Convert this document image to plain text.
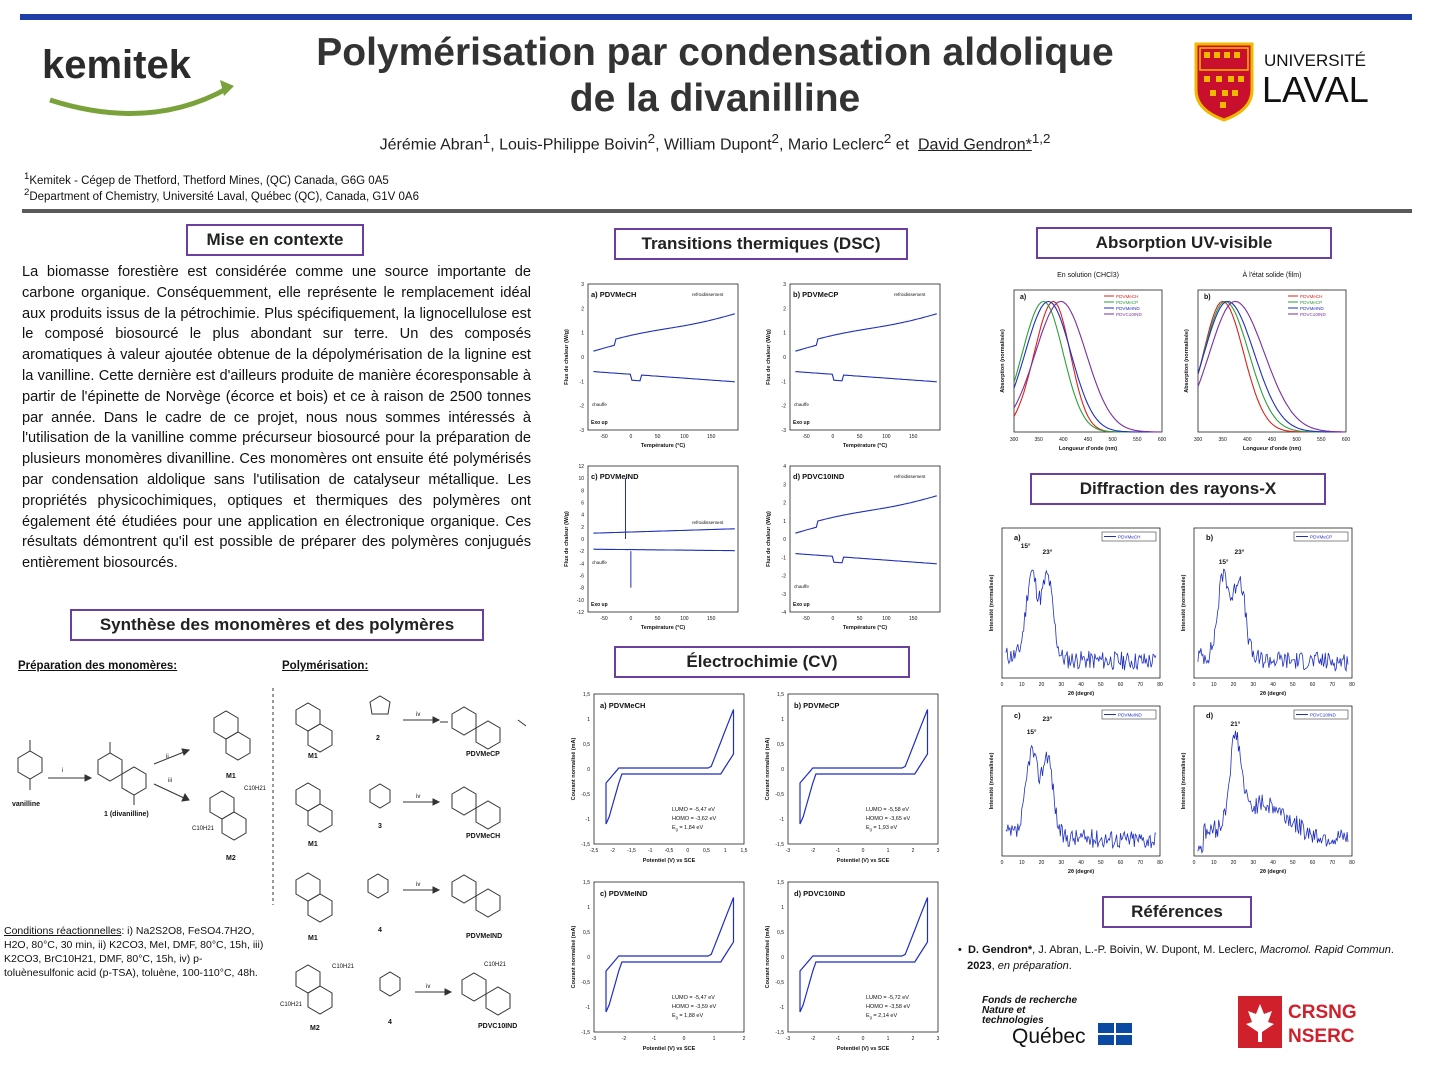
kemitek	Polymérisation par condensation aldolique
de la divanilline
UNIVERSITÉ
LAVAL
Jérémie Abran$^1$, Louis-Philippe Boivin$^2$, William Dupont$^2$, Mario Leclerc$^2$ et David Gendron*$^{1,2}$
$^1$Kemitek - Cégep de Thetford, Thetford Mines, (QC) Canada, G6G 0A5
$^2$Department of Chemistry, Université Laval, Québec (QC), Canada, G1V 0A6
Mise en contexte	Transitions thermiques (DSC)	Absorption UV-visible
Synthèse des monomères et des polymères
Diffraction des rayons-X
Électrochimie (CV)
Références
La biomasse forestière est considérée comme une source importante de carbone organique. Conséquemment, elle représente le remplacement idéal aux produits issus de la pétrochimie. Plus spécifiquement, la lignocellulose est le composé biosourcé le plus abondant sur terre. Un des composés aromatiques à valeur ajoutée obtenue de la dépolymérisation de la lignine est la vanilline. Cette dernière est d'ailleurs produite de manière écoresponsable à partir de l'épinette de Norvège (écorce et bois) et ce à raison de 2500 tonnes par année. Dans le cadre de ce projet, nous nous sommes intéressés à l'utilisation de la vanilline comme précurseur biosourcé pour la préparation de plusieurs monomères divanilline. Ces monomères ont ensuite été polymérisés par condensation aldolique sans l'utilisation de catalyseur métallique. Les propriétés physicochimiques, optiques et thermiques des polymères ont également été étudiées pour une application en électronique organique. Ces résultats démontrent qu'il est possible de préparer des polymères conjugués entièrement biosourcés.
Préparation des monomères:	Polymérisation:
vanilline
1 (divanilline)
M1
M2
M1
M1
M1
M2
2
3
4
4
PDVMeCP
PDVMeCH
PDVMeIND
PDVC10IND
i
ii
iii
iv
iv
iv
iv
C10H21
C10H21
C10H21
C10H21
C10H21
Conditions réactionnelles: i) Na2S2O8, FeSO4.7H2O, H2O, 80°C, 30 min, ii) K2CO3, MeI, DMF, 80°C, 15h, iii) K2CO3, BrC10H21, DMF, 80°C, 15h, iv) p-toluènesulfonic acid (p-TSA), toluène, 100-110°C, 48h.
-3
-2
-1
0
1
2
3
-50	0	50	100	150
Température (°C)
Flux de chaleur (W/g)
a) PDVMeCH
Exo up
refroidissement
chauffe
-3
-2
-1
0
1
2
3
-50	0	50	100	150
Température (°C)
Flux de chaleur (W/g)
b) PDVMeCP
Exo up
refroidissement
chauffe
-12
-10
-8
-6
-4
-2
0
2
4
6
8
10
12
-50	0	50	100	150
Température (°C)
Flux de chaleur (W/g)
c) PDVMeIND
Exo up
refroidissement
chauffe
-4
-3
-2
-1
0
1
2
3
4
-50	0	50	100	150
Température (°C)
Flux de chaleur (W/g)
d) PDVC10IND
Exo up
refroidissement
chauffe
-1,5
-1
-0,5
0
0,5
1
1,5
-2,5 -2 -1,5 -1 -0,5	0	0,5	1	1,5
Potentiel (V) vs SCE
Courant normalisé (mA)
a) PDVMeCH
LUMO = -5,47 eV
HOMO = -3,62 eV
$E_g = 1,84$ eV
-1,5
-1
-0,5
0
0,5
1
1,5
-3	-2	-1	0	1	2	3
Potentiel (V) vs SCE
Courant normalisé (mA)
b) PDVMeCP
LUMO = -5,58 eV
HOMO = -3,65 eV
$E_g = 1,93$ eV
-1,5
-1
-0,5
0
0,5
1
1,5
-3	-2	-1	0	1	2
Potentiel (V) vs SCE
Courant normalisé (mA)
c) PDVMeIND
LUMO = -5,47 eV
HOMO = -3,59 eV
$E_g = 1,88$ eV
-1,5
-1
-0,5
0
0,5
1
1,5
-3	-2	-1	0	1	2	3
Potentiel (V) vs SCE
Courant normalisé (mA)
d) PDVC10IND
LUMO = -5,72 eV
HOMO = -3,58 eV
$E_g = 2,14$ eV
En solution (CHCl3)
a)
300	350	400	450	500	550	600
Longueur d'onde (nm)
Absorption (normalisée)
PDVMeCH
PDVMeCP
PDVMeIND
PDVC10IND
À l'état solide (film)
b)
300	350	400	450	500	550	600
Longueur d'onde (nm)
Absorption (normalisée)
PDVMeCH
PDVMeCP
PDVMeIND
PDVC10IND
0	10	20	30	40	50	60	70	80
2θ (degré)
Intensité (normalisée)
a)	PDVMeCH
15°
23°
0	10	20	30	40	50	60	70	80
2θ (degré)
Intensité (normalisée)
b)	PDVMeCP
15°
23°
0	10	20	30	40	50	60	70	80
2θ (degré)
Intensité (normalisée)
c)	PDVMeIND
15°
23°
0	10	20	30	40	50	60	70	80
2θ (degré)
Intensité (normalisée)
d)	PDVC10IND
21°
• D. Gendron*, J. Abran, L.-P. Boivin, W. Dupont, M. Leclerc, Macromol. Rapid Commun.
2023, en préparation.
Fonds de recherche
Nature et
technologies
Québec
CRSNG
NSERC
